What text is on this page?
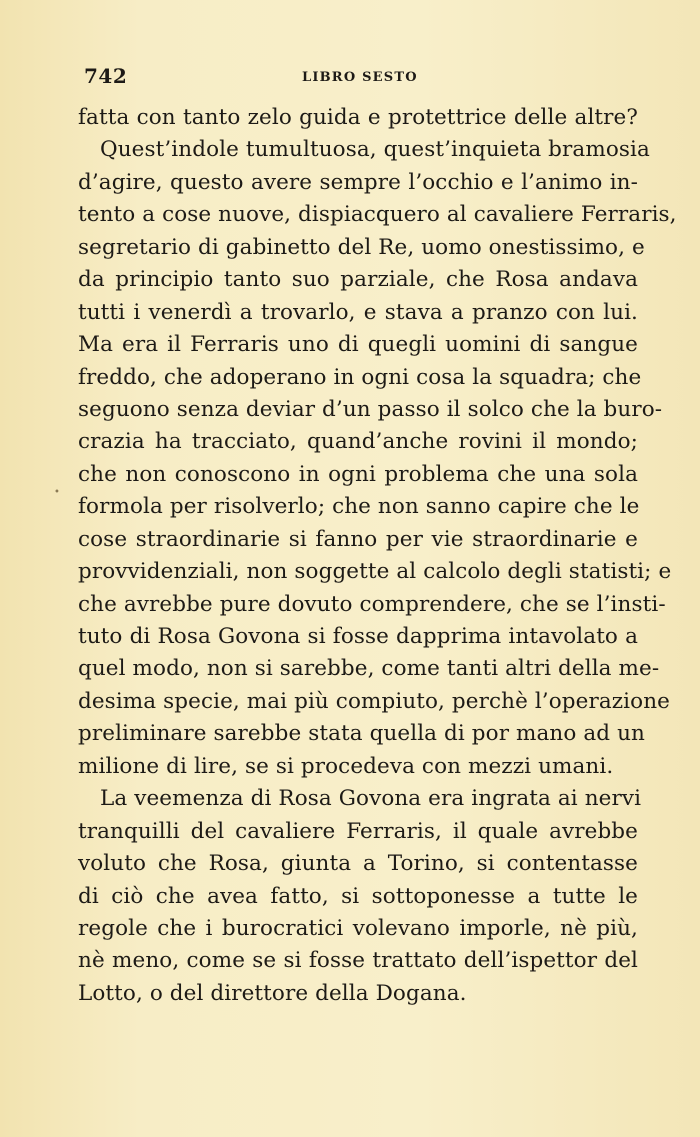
742	LIBRO SESTO
•
fatta con tanto zelo guida e protettrice delle altre?
Quest’indole tumultuosa, quest’inquieta bramosia
d’agire, questo avere sempre l’occhio e l’animo in-
tento a cose nuove, dispiacquero al cavaliere Ferraris,
segretario di gabinetto del Re, uomo onestissimo, e
da principio tanto suo parziale, che Rosa andava
tutti i venerdì a trovarlo, e stava a pranzo con lui.
Ma era il Ferraris uno di quegli uomini di sangue
freddo, che adoperano in ogni cosa la squadra; che
seguono senza deviar d’un passo il solco che la buro-
crazia ha tracciato, quand’anche rovini il mondo;
che non conoscono in ogni problema che una sola
formola per risolverlo; che non sanno capire che le
cose straordinarie si fanno per vie straordinarie e
provvidenziali, non soggette al calcolo degli statisti; e
che avrebbe pure dovuto comprendere, che se l’insti-
tuto di Rosa Govona si fosse dapprima intavolato a
quel modo, non si sarebbe, come tanti altri della me-
desima specie, mai più compiuto, perchè l’operazione
preliminare sarebbe stata quella di por mano ad un
milione di lire, se si procedeva con mezzi umani.
La veemenza di Rosa Govona era ingrata ai nervi
tranquilli del cavaliere Ferraris, il quale avrebbe
voluto che Rosa, giunta a Torino, si contentasse
di ciò che avea fatto, si sottoponesse a tutte le
regole che i burocratici volevano imporle, nè più,
nè meno, come se si fosse trattato dell’ispettor del
Lotto, o del direttore della Dogana.
